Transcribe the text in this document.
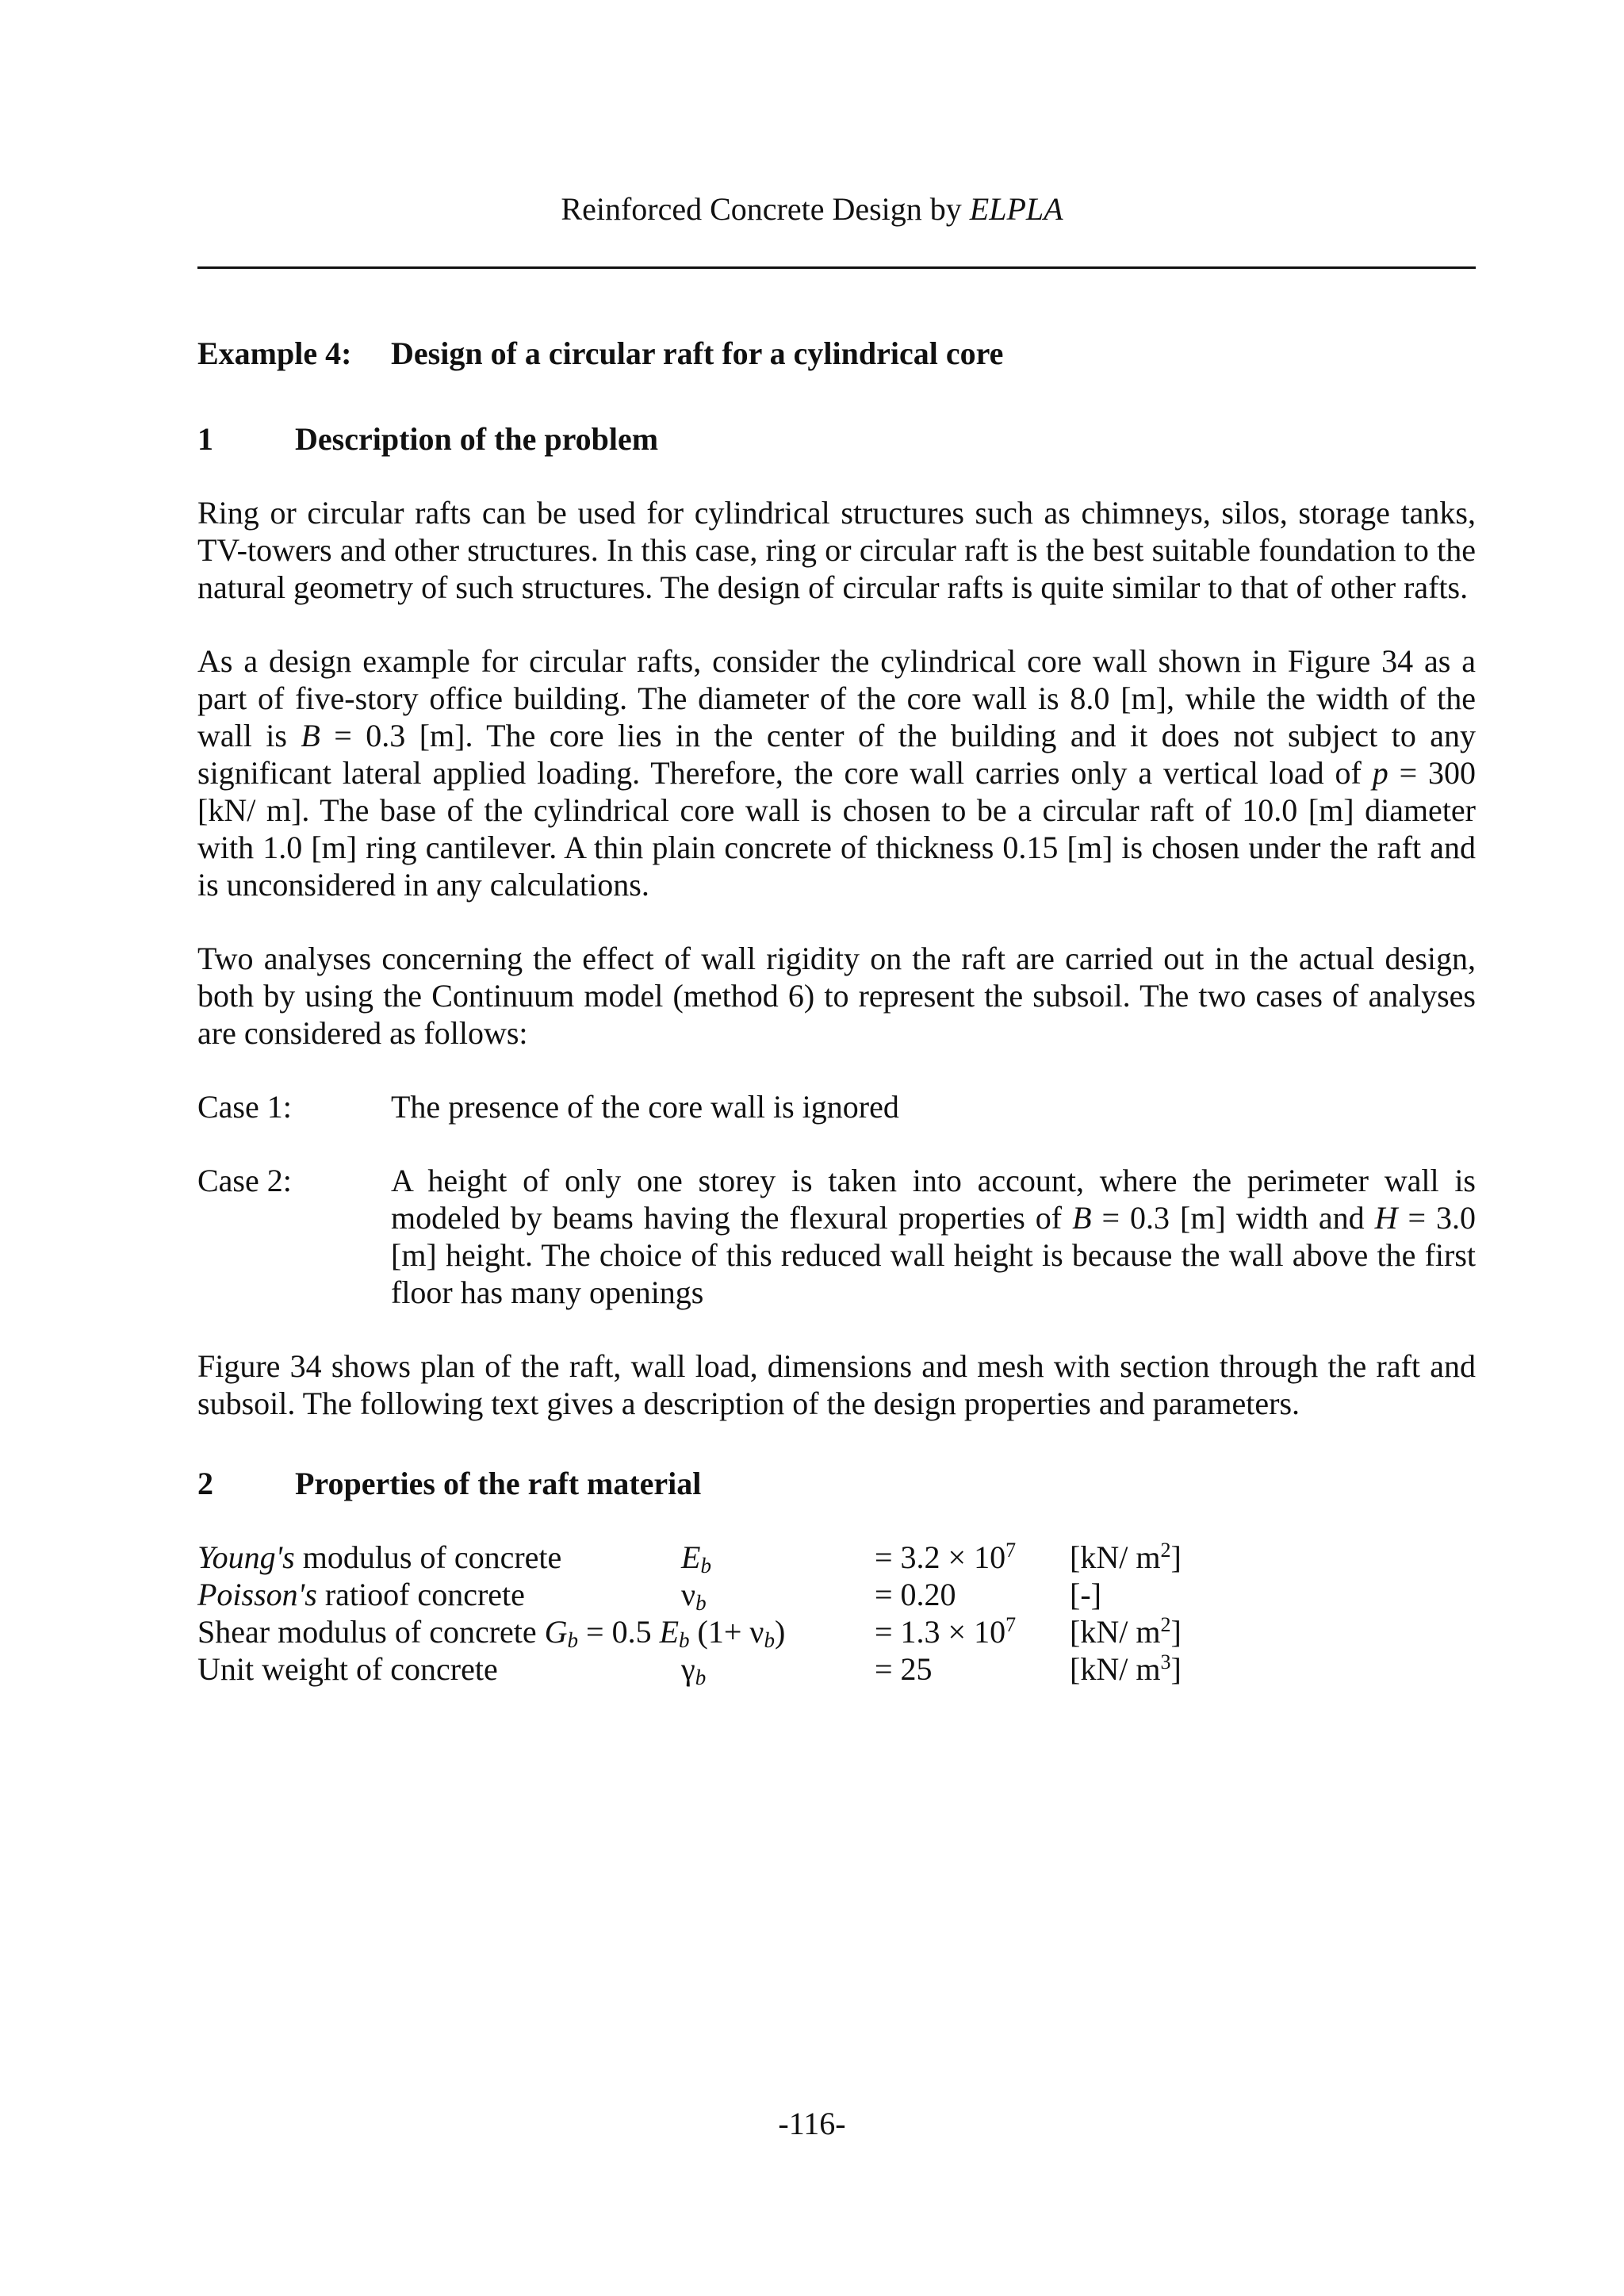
Reinforced Concrete Design by ELPLA
Example 4:	Design of a circular raft for a cylindrical core
1	Description of the problem

Ring or circular rafts can be used for cylindrical structures such as chimneys, silos, storage tanks, TV-towers and other structures. In this case, ring or circular raft is the best suitable foundation to the natural geometry of such structures. The design of circular rafts is quite similar to that of other rafts.

As a design example for circular rafts, consider the cylindrical core wall shown in Figure 34 as a part of five-story office building. The diameter of the core wall is 8.0 [m], while the width of the wall is B = 0.3 [m]. The core lies in the center of the building and it does not subject to any significant lateral applied loading. Therefore, the core wall carries only a vertical load of p = 300 [kN/ m]. The base of the cylindrical core wall is chosen to be a circular raft of 10.0 [m] diameter with 1.0 [m] ring cantilever. A thin plain concrete of thickness 0.15 [m] is chosen under the raft and is unconsidered in any calculations.

Two analyses concerning the effect of wall rigidity on the raft are carried out in the actual design, both by using the Continuum model (method 6) to represent the subsoil. The two cases of analyses are considered as follows:

Case 1:	The presence of the core wall is ignored
Case 2:	A height of only one storey is taken into account, where the perimeter wall is modeled by beams having the flexural properties of B = 0.3 [m] width and H = 3.0 [m] height. The choice of this reduced wall height is because the wall above the first floor has many openings

Figure 34 shows plan of the raft, wall load, dimensions and mesh with section through the raft and subsoil. The following text gives a description of the design properties and parameters.

2	Properties of the raft material
Young's modulus of concrete	$E_b$	= $3.2 \times 10^7$	[kN/ $m^2$]
Poisson's ratioof concrete	$\nu_b$	= 0.20	[-]
Shear modulus of concrete $G_b = 0.5$ $E_b$ $(1+ \nu_b)$	= $1.3 \times 10^7$	[kN/ $m^2$]
Unit weight of concrete	$\gamma_b$	= 25	[kN/ $m^3$]
-116-
